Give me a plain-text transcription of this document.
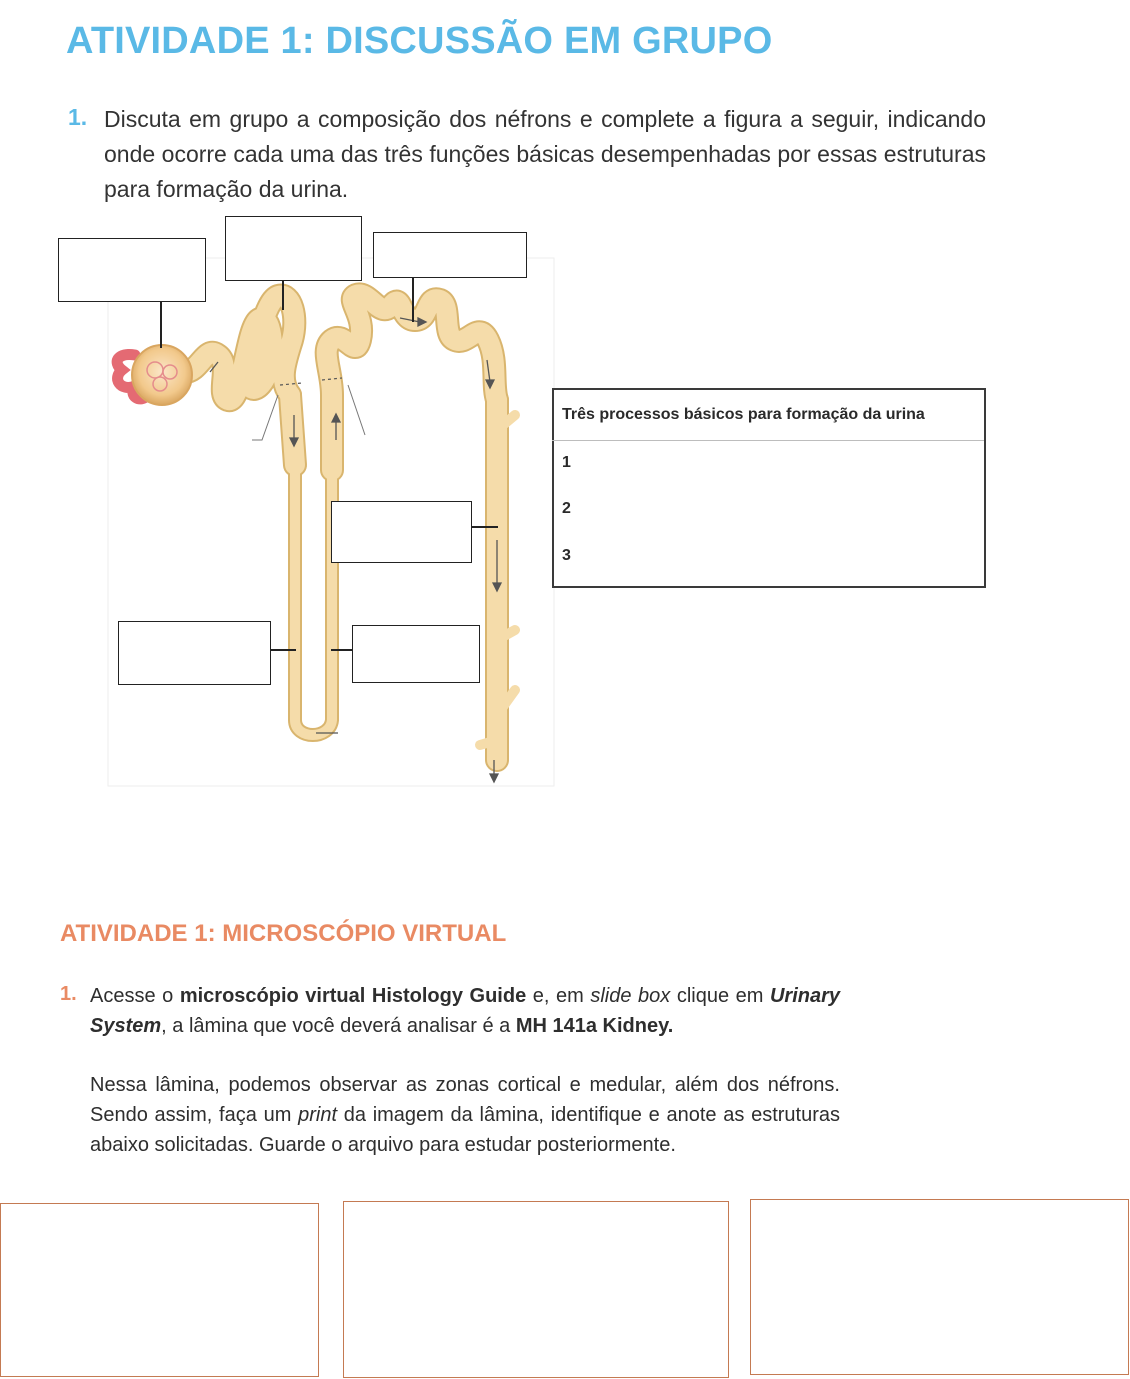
ATIVIDADE 1: DISCUSSÃO EM GRUPO
1. Discuta em grupo a composição dos néfrons e complete a figura a seguir, indicando onde ocorre cada uma das três funções básicas desempenhadas por essas estruturas para formação da urina.
Três processos básicos para formação da urina
1
2
3
ATIVIDADE 1: MICROSCÓPIO VIRTUAL
1. Acesse o microscópio virtual Histology Guide e, em slide box clique em Urinary System, a lâmina que você deverá analisar é a MH 141a Kidney.
Nessa lâmina, podemos observar as zonas cortical e medular, além dos néfrons. Sendo assim, faça um print da imagem da lâmina, identifique e anote as estruturas abaixo solicitadas. Guarde o arquivo para estudar posteriormente.
